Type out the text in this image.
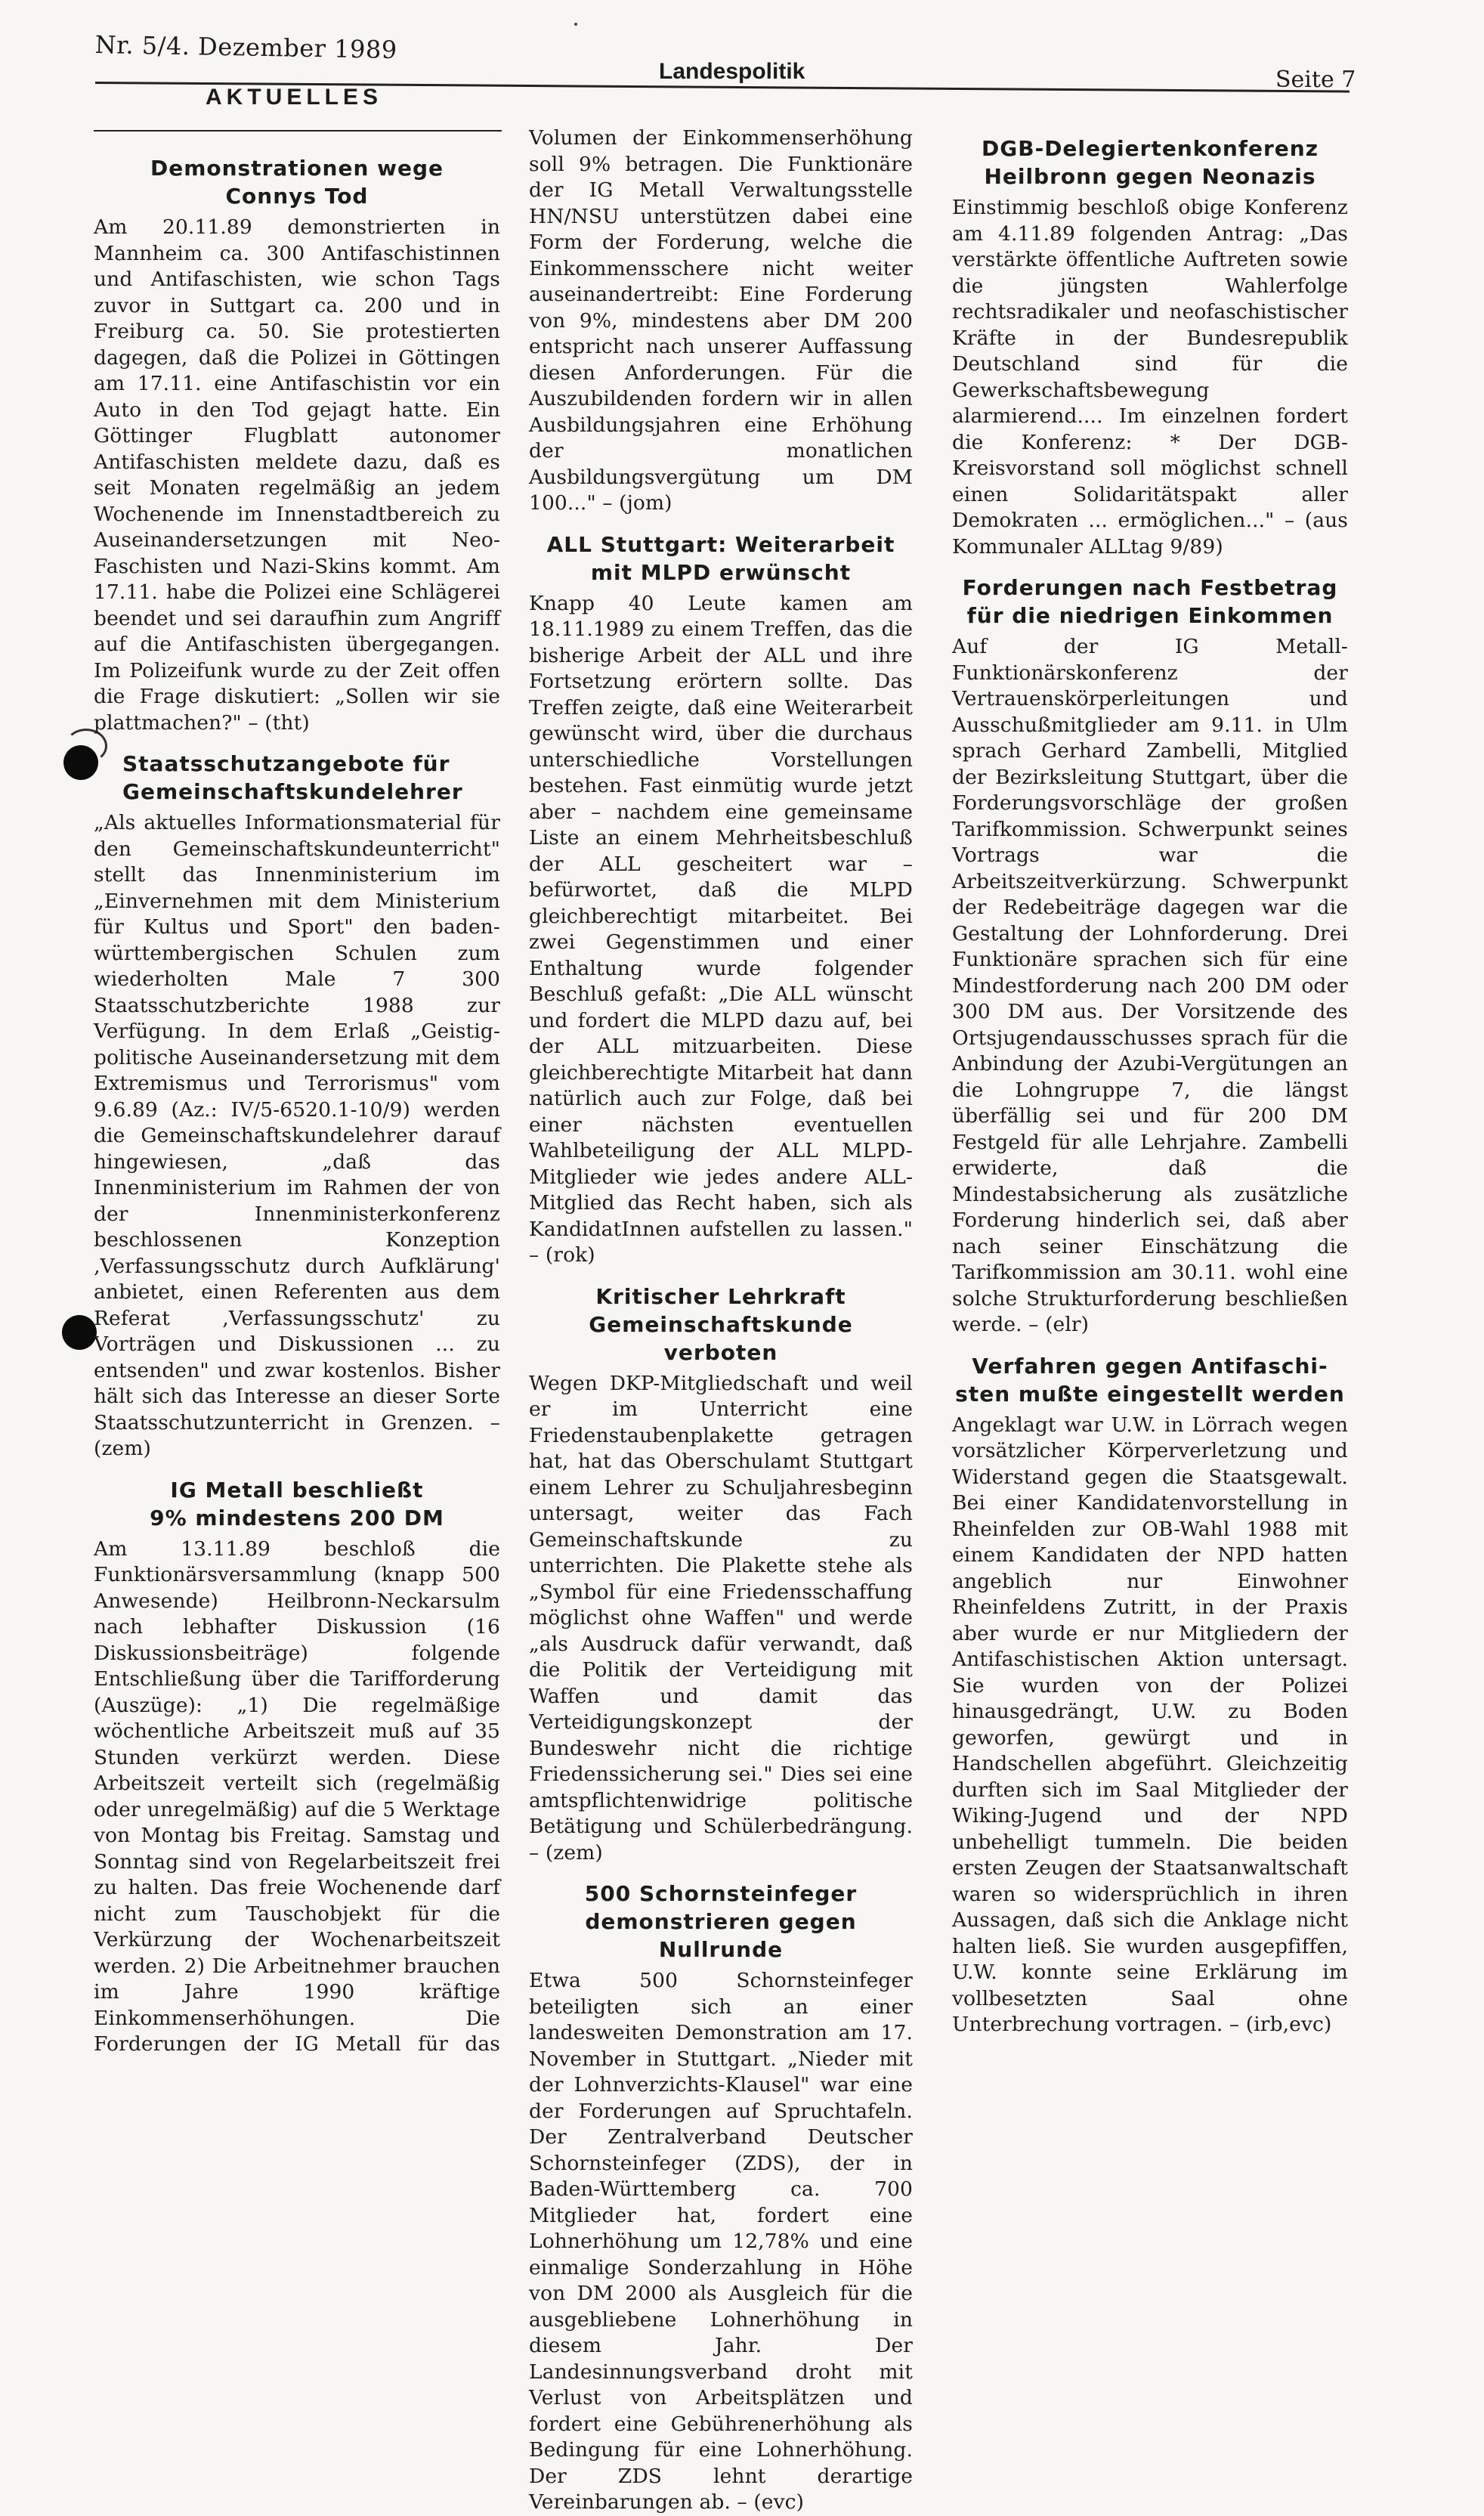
Nr. 5/4. Dezember 1989
Landespolitik	Seite 7
AKTUELLES
Demonstrationen wege
Connys Tod

Am 20.11.89 demonstrierten in Mannheim ca. 300 Antifaschistinnen und Antifaschisten, wie schon Tags zuvor in Suttgart ca. 200 und in Freiburg ca. 50. Sie protestierten dagegen, daß die Polizei in Göttingen am 17.11. eine Antifaschistin vor ein Auto in den Tod gejagt hatte. Ein Göttinger Flugblatt autonomer Antifaschisten meldete dazu, daß es seit Monaten regelmäßig an jedem Wochenende im Innenstadtbereich zu Auseinandersetzungen mit Neo-Faschisten und Nazi-Skins kommt. Am 17.11. habe die Polizei eine Schlägerei beendet und sei daraufhin zum Angriff auf die Antifaschisten übergegangen. Im Polizeifunk wurde zu der Zeit offen die Frage diskutiert: „Sollen wir sie plattmachen?" – (tht)

Staatsschutzangebote für
Gemeinschaftskundelehrer

„Als aktuelles Informationsmaterial für den Gemeinschaftskundeunterricht" stellt das Innenministerium im „Einvernehmen mit dem Ministerium für Kultus und Sport" den baden-württembergischen Schulen zum wiederholten Male 7 300 Staatsschutzberichte 1988 zur Verfügung. In dem Erlaß „Geistig-politische Auseinandersetzung mit dem Extremismus und Terrorismus" vom 9.6.89 (Az.: IV/5-6520.1-10/9) werden die Gemeinschaftskundelehrer darauf hingewiesen, „daß das Innenministerium im Rahmen der von der Innenministerkonferenz beschlossenen Konzeption ‚Verfassungsschutz durch Aufklärung' anbietet, einen Referenten aus dem Referat ‚Verfassungsschutz' zu Vorträgen und Diskussionen ... zu entsenden" und zwar kostenlos. Bisher hält sich das Interesse an dieser Sorte Staatsschutzunterricht in Grenzen. – (zem)

IG Metall beschließt
9% mindestens 200 DM

Am 13.11.89 beschloß die Funktionärsversammlung (knapp 500 Anwesende) Heilbronn-Neckarsulm nach lebhafter Diskussion (16 Diskussionsbeiträge) folgende Entschließung über die Tarifforderung (Auszüge): „1) Die regelmäßige wöchentliche Arbeitszeit muß auf 35 Stunden verkürzt werden. Diese Arbeitszeit verteilt sich (regelmäßig oder unregelmäßig) auf die 5 Werktage von Montag bis Freitag. Samstag und Sonntag sind von Regelarbeitszeit frei zu halten. Das freie Wochenende darf nicht zum Tauschobjekt für die Verkürzung der Wochenarbeitszeit werden. 2) Die Arbeitnehmer brauchen im Jahre 1990 kräftige Einkommenserhöhungen. Die Forderungen der IG Metall für das

Volumen der Einkommenserhöhung soll 9% betragen. Die Funktionäre der IG Metall Verwaltungsstelle HN/NSU unterstützen dabei eine Form der Forderung, welche die Einkommensschere nicht weiter auseinandertreibt: Eine Forderung von 9%, mindestens aber DM 200 entspricht nach unserer Auffassung diesen Anforderungen. Für die Auszubildenden fordern wir in allen Ausbildungsjahren eine Erhöhung der monatlichen Ausbildungsvergütung um DM 100..." – (jom)

ALL Stuttgart: Weiterarbeit
mit MLPD erwünscht

Knapp 40 Leute kamen am 18.11.1989 zu einem Treffen, das die bisherige Arbeit der ALL und ihre Fortsetzung erörtern sollte. Das Treffen zeigte, daß eine Weiterarbeit gewünscht wird, über die durchaus unterschiedliche Vorstellungen bestehen. Fast einmütig wurde jetzt aber – nachdem eine gemeinsame Liste an einem Mehrheitsbeschluß der ALL gescheitert war – befürwortet, daß die MLPD gleichberechtigt mitarbeitet. Bei zwei Gegenstimmen und einer Enthaltung wurde folgender Beschluß gefaßt: „Die ALL wünscht und fordert die MLPD dazu auf, bei der ALL mitzuarbeiten. Diese gleichberechtigte Mitarbeit hat dann natürlich auch zur Folge, daß bei einer nächsten eventuellen Wahlbeteiligung der ALL MLPD-Mitglieder wie jedes andere ALL-Mitglied das Recht haben, sich als KandidatInnen aufstellen zu lassen." – (rok)

Kritischer Lehrkraft
Gemeinschaftskunde verboten

Wegen DKP-Mitgliedschaft und weil er im Unterricht eine Friedenstaubenplakette getragen hat, hat das Oberschulamt Stuttgart einem Lehrer zu Schuljahresbeginn untersagt, weiter das Fach Gemeinschaftskunde zu unterrichten. Die Plakette stehe als „Symbol für eine Friedensschaffung möglichst ohne Waffen" und werde „als Ausdruck dafür verwandt, daß die Politik der Verteidigung mit Waffen und damit das Verteidigungskonzept der Bundeswehr nicht die richtige Friedenssicherung sei." Dies sei eine amtspflichtenwidrige politische Betätigung und Schülerbedrängung. – (zem)

500 Schornsteinfeger
demonstrieren gegen Nullrunde

Etwa 500 Schornsteinfeger beteiligten sich an einer landesweiten Demonstration am 17. November in Stuttgart. „Nieder mit der Lohnverzichts-Klausel" war eine der Forderungen auf Spruchtafeln. Der Zentralverband Deutscher Schornsteinfeger (ZDS), der in Baden-Württemberg ca. 700 Mitglieder hat, fordert eine Lohnerhöhung um 12,78% und eine einmalige Sonderzahlung in Höhe von DM 2000 als Ausgleich für die ausgebliebene Lohnerhöhung in diesem Jahr. Der Landesinnungsverband droht mit Verlust von Arbeitsplätzen und fordert eine Gebührenerhöhung als Bedingung für eine Lohnerhöhung. Der ZDS lehnt derartige Vereinbarungen ab. – (evc)

DGB-Delegiertenkonferenz
Heilbronn gegen Neonazis

Einstimmig beschloß obige Konferenz am 4.11.89 folgenden Antrag: „Das verstärkte öffentliche Auftreten sowie die jüngsten Wahlerfolge rechtsradikaler und neofaschistischer Kräfte in der Bundesrepublik Deutschland sind für die Gewerkschaftsbewegung alarmierend.... Im einzelnen fordert die Konferenz: * Der DGB-Kreisvorstand soll möglichst schnell einen Solidaritätspakt aller Demokraten ... ermöglichen..." – (aus Kommunaler ALLtag 9/89)

Forderungen nach Festbetrag
für die niedrigen Einkommen

Auf der IG Metall-Funktionärskonferenz der Vertrauenskörperleitungen und Ausschußmitglieder am 9.11. in Ulm sprach Gerhard Zambelli, Mitglied der Bezirksleitung Stuttgart, über die Forderungsvorschläge der großen Tarifkommission. Schwerpunkt seines Vortrags war die Arbeitszeitverkürzung. Schwerpunkt der Redebeiträge dagegen war die Gestaltung der Lohnforderung. Drei Funktionäre sprachen sich für eine Mindestforderung nach 200 DM oder 300 DM aus. Der Vorsitzende des Ortsjugendausschusses sprach für die Anbindung der Azubi-Vergütungen an die Lohngruppe 7, die längst überfällig sei und für 200 DM Festgeld für alle Lehrjahre. Zambelli erwiderte, daß die Mindestabsicherung als zusätzliche Forderung hinderlich sei, daß aber nach seiner Einschätzung die Tarifkommission am 30.11. wohl eine solche Strukturforderung beschließen werde. – (elr)

Verfahren gegen Antifaschi-
sten mußte eingestellt werden

Angeklagt war U.W. in Lörrach wegen vorsätzlicher Körperverletzung und Widerstand gegen die Staatsgewalt. Bei einer Kandidatenvorstellung in Rheinfelden zur OB-Wahl 1988 mit einem Kandidaten der NPD hatten angeblich nur Einwohner Rheinfeldens Zutritt, in der Praxis aber wurde er nur Mitgliedern der Antifaschistischen Aktion untersagt. Sie wurden von der Polizei hinausgedrängt, U.W. zu Boden geworfen, gewürgt und in Handschellen abgeführt. Gleichzeitig durften sich im Saal Mitglieder der Wiking-Jugend und der NPD unbehelligt tummeln. Die beiden ersten Zeugen der Staatsanwaltschaft waren so widersprüchlich in ihren Aussagen, daß sich die Anklage nicht halten ließ. Sie wurden ausgepfiffen, U.W. konnte seine Erklärung im vollbesetzten Saal ohne Unterbrechung vortragen. – (irb,evc)
